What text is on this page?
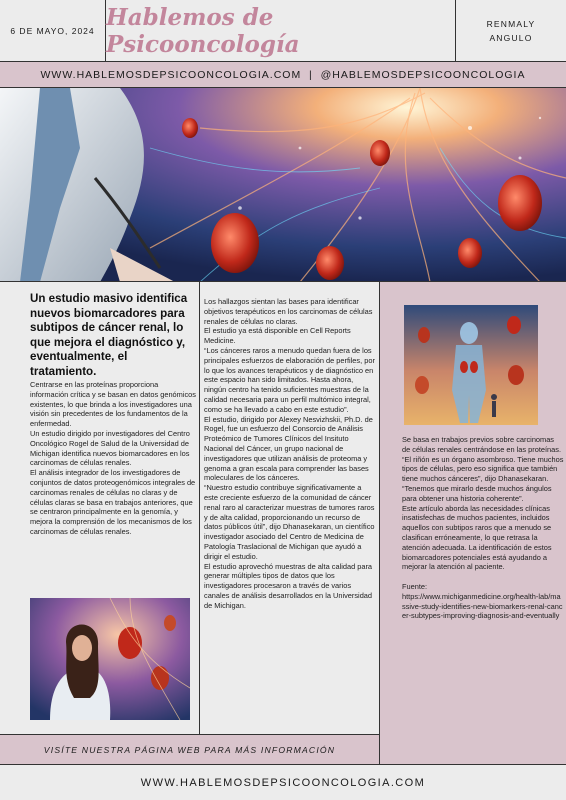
6 DE MAYO, 2024 Hablemos de Psicooncología
RENMALY
ANGULO
WWW.HABLEMOSDEPSICOONCOLOGIA.COM  |  @HABLEMOSDEPSICOONCOLOGIA
Un estudio masivo identifica nuevos biomarcadores para subtipos de cáncer renal, lo que mejora el diagnóstico y, eventualmente, el tratamiento.
Centrarse en las proteínas proporciona información crítica y se basan en datos genómicos existentes, lo que brinda a los investigadores una visión sin precedentes de los fundamentos de la enfermedad.
Un estudio dirigido por investigadores del Centro Oncológico Rogel de Salud de la Universidad de Michigan identifica nuevos biomarcadores en los carcinomas de células renales.
El análisis integrador de los investigadores de conjuntos de datos proteogenómicos integrales de carcinomas renales de células no claras y de células claras se basa en trabajos anteriores, que se centraron principalmente en la genomía, y mejora la comprensión de los mecanismos de los carcinomas de células renales.
Los hallazgos sientan las bases para identificar objetivos terapéuticos en los carcinomas de células renales de células no claras.
El estudio ya está disponible en Cell Reports Medicine.
“Los cánceres raros a menudo quedan fuera de los principales esfuerzos de elaboración de perfiles, por lo que los avances terapéuticos y de diagnóstico en este espacio han sido limitados. Hasta ahora, ningún centro ha tenido suficientes muestras de la calidad necesaria para un perfil multómico integral, como se ha llevado a cabo en este estudio”.
El estudio, dirigido por Alexey Nesvizhskii, Ph.D. de Rogel, fue un esfuerzo del Consorcio de Análisis Proteómico de Tumores Clínicos del Insituto Nacional del Cáncer, un grupo nacional de investigadores que utilizan análisis de proteoma y genoma a gran escala para comprender las bases moleculares de los cánceres.
“Nuestro estudio contribuye significativamente a este creciente esfuerzo de la comunidad de cáncer renal raro al caracterizar muestras de tumores raros y de alta calidad, proporcionando un recurso de datos públicos útil”, dijo Dhanasekaran, un científico investigador asociado del Centro de Medicina de Patología Traslacional de Michigan que ayudó a dirigir el estudio.
El estudio aprovechó muestras de alta calidad para generar múltiples tipos de datos que los investigadores procesaron a través de varios canales de análisis desarrollados en la Universidad de Michigan.
Se basa en trabajos previos sobre carcinomas de células renales centrándose en las proteínas.
“El riñón es un órgano asombroso. Tiene muchos tipos de células, pero eso significa que también tiene muchos cánceres”, dijo Dhanasekaran. “Tenemos que mirarlo desde muchos ángulos para obtener una historia coherente”.
Este artículo aborda las necesidades clínicas insatisfechas de muchos pacientes, incluidos aquellos con subtipos raros que a menudo se clasifican erróneamente, lo que retrasa la atención adecuada. La identificación de estos biomarcadores potenciales está ayudando a mejorar la atención al paciente.
Fuente:
https://www.michiganmedicine.org/health-lab/massive-study-identifies-new-biomarkers-renal-cancer-subtypes-improving-diagnosis-and-eventually
VISÍTE NUESTRA PÁGINA WEB PARA MÁS INFORMACIÓN
WWW.HABLEMOSDEPSICOONCOLOGIA.COM
